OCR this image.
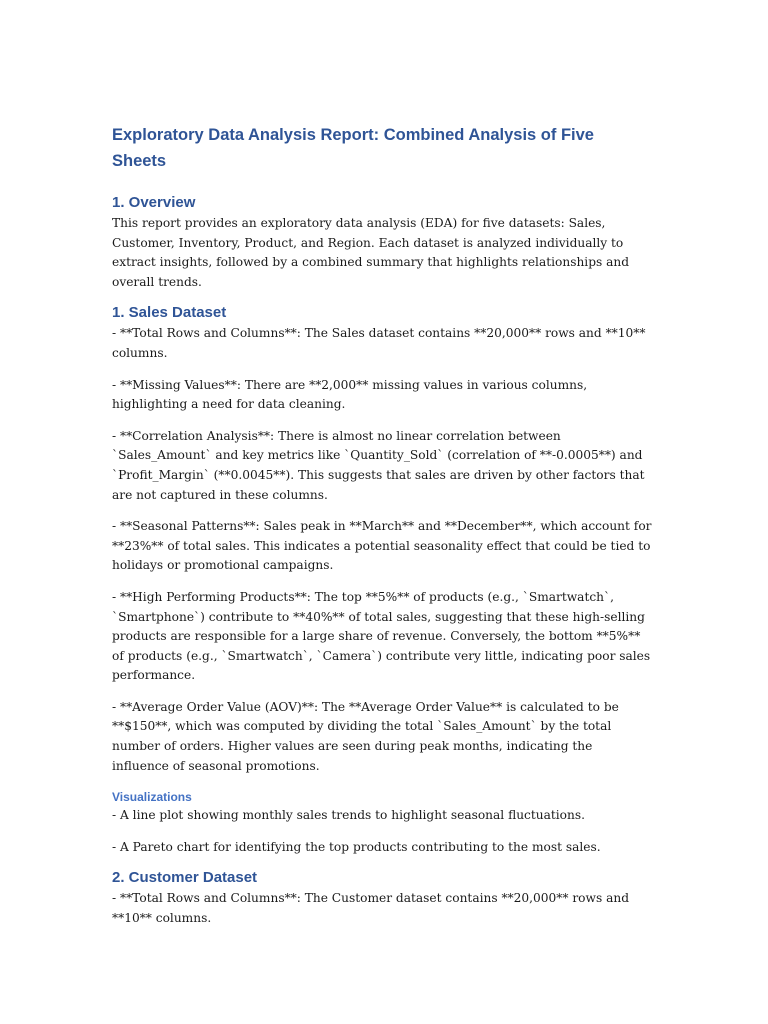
Exploratory Data Analysis Report: Combined Analysis of Five Sheets
1. Overview

This report provides an exploratory data analysis (EDA) for five datasets: Sales, Customer, Inventory, Product, and Region. Each dataset is analyzed individually to extract insights, followed by a combined summary that highlights relationships and overall trends.

1. Sales Dataset

- **Total Rows and Columns**: The Sales dataset contains **20,000** rows and **10** columns.

- **Missing Values**: There are **2,000** missing values in various columns, highlighting a need for data cleaning.

- **Correlation Analysis**: There is almost no linear correlation between `Sales_Amount` and key metrics like `Quantity_Sold` (correlation of **-0.0005**) and `Profit_Margin` (**0.0045**). This suggests that sales are driven by other factors that are not captured in these columns.

- **Seasonal Patterns**: Sales peak in **March** and **December**, which account for **23%** of total sales. This indicates a potential seasonality effect that could be tied to holidays or promotional campaigns.

- **High Performing Products**: The top **5%** of products (e.g., `Smartwatch`, `Smartphone`) contribute to **40%** of total sales, suggesting that these high-selling products are responsible for a large share of revenue. Conversely, the bottom **5%** of products (e.g., `Smartwatch`, `Camera`) contribute very little, indicating poor sales performance.

- **Average Order Value (AOV)**: The **Average Order Value** is calculated to be **$150**, which was computed by dividing the total `Sales_Amount` by the total number of orders. Higher values are seen during peak months, indicating the influence of seasonal promotions.

Visualizations

- A line plot showing monthly sales trends to highlight seasonal fluctuations.

- A Pareto chart for identifying the top products contributing to the most sales.

2. Customer Dataset

- **Total Rows and Columns**: The Customer dataset contains **20,000** rows and **10** columns.
